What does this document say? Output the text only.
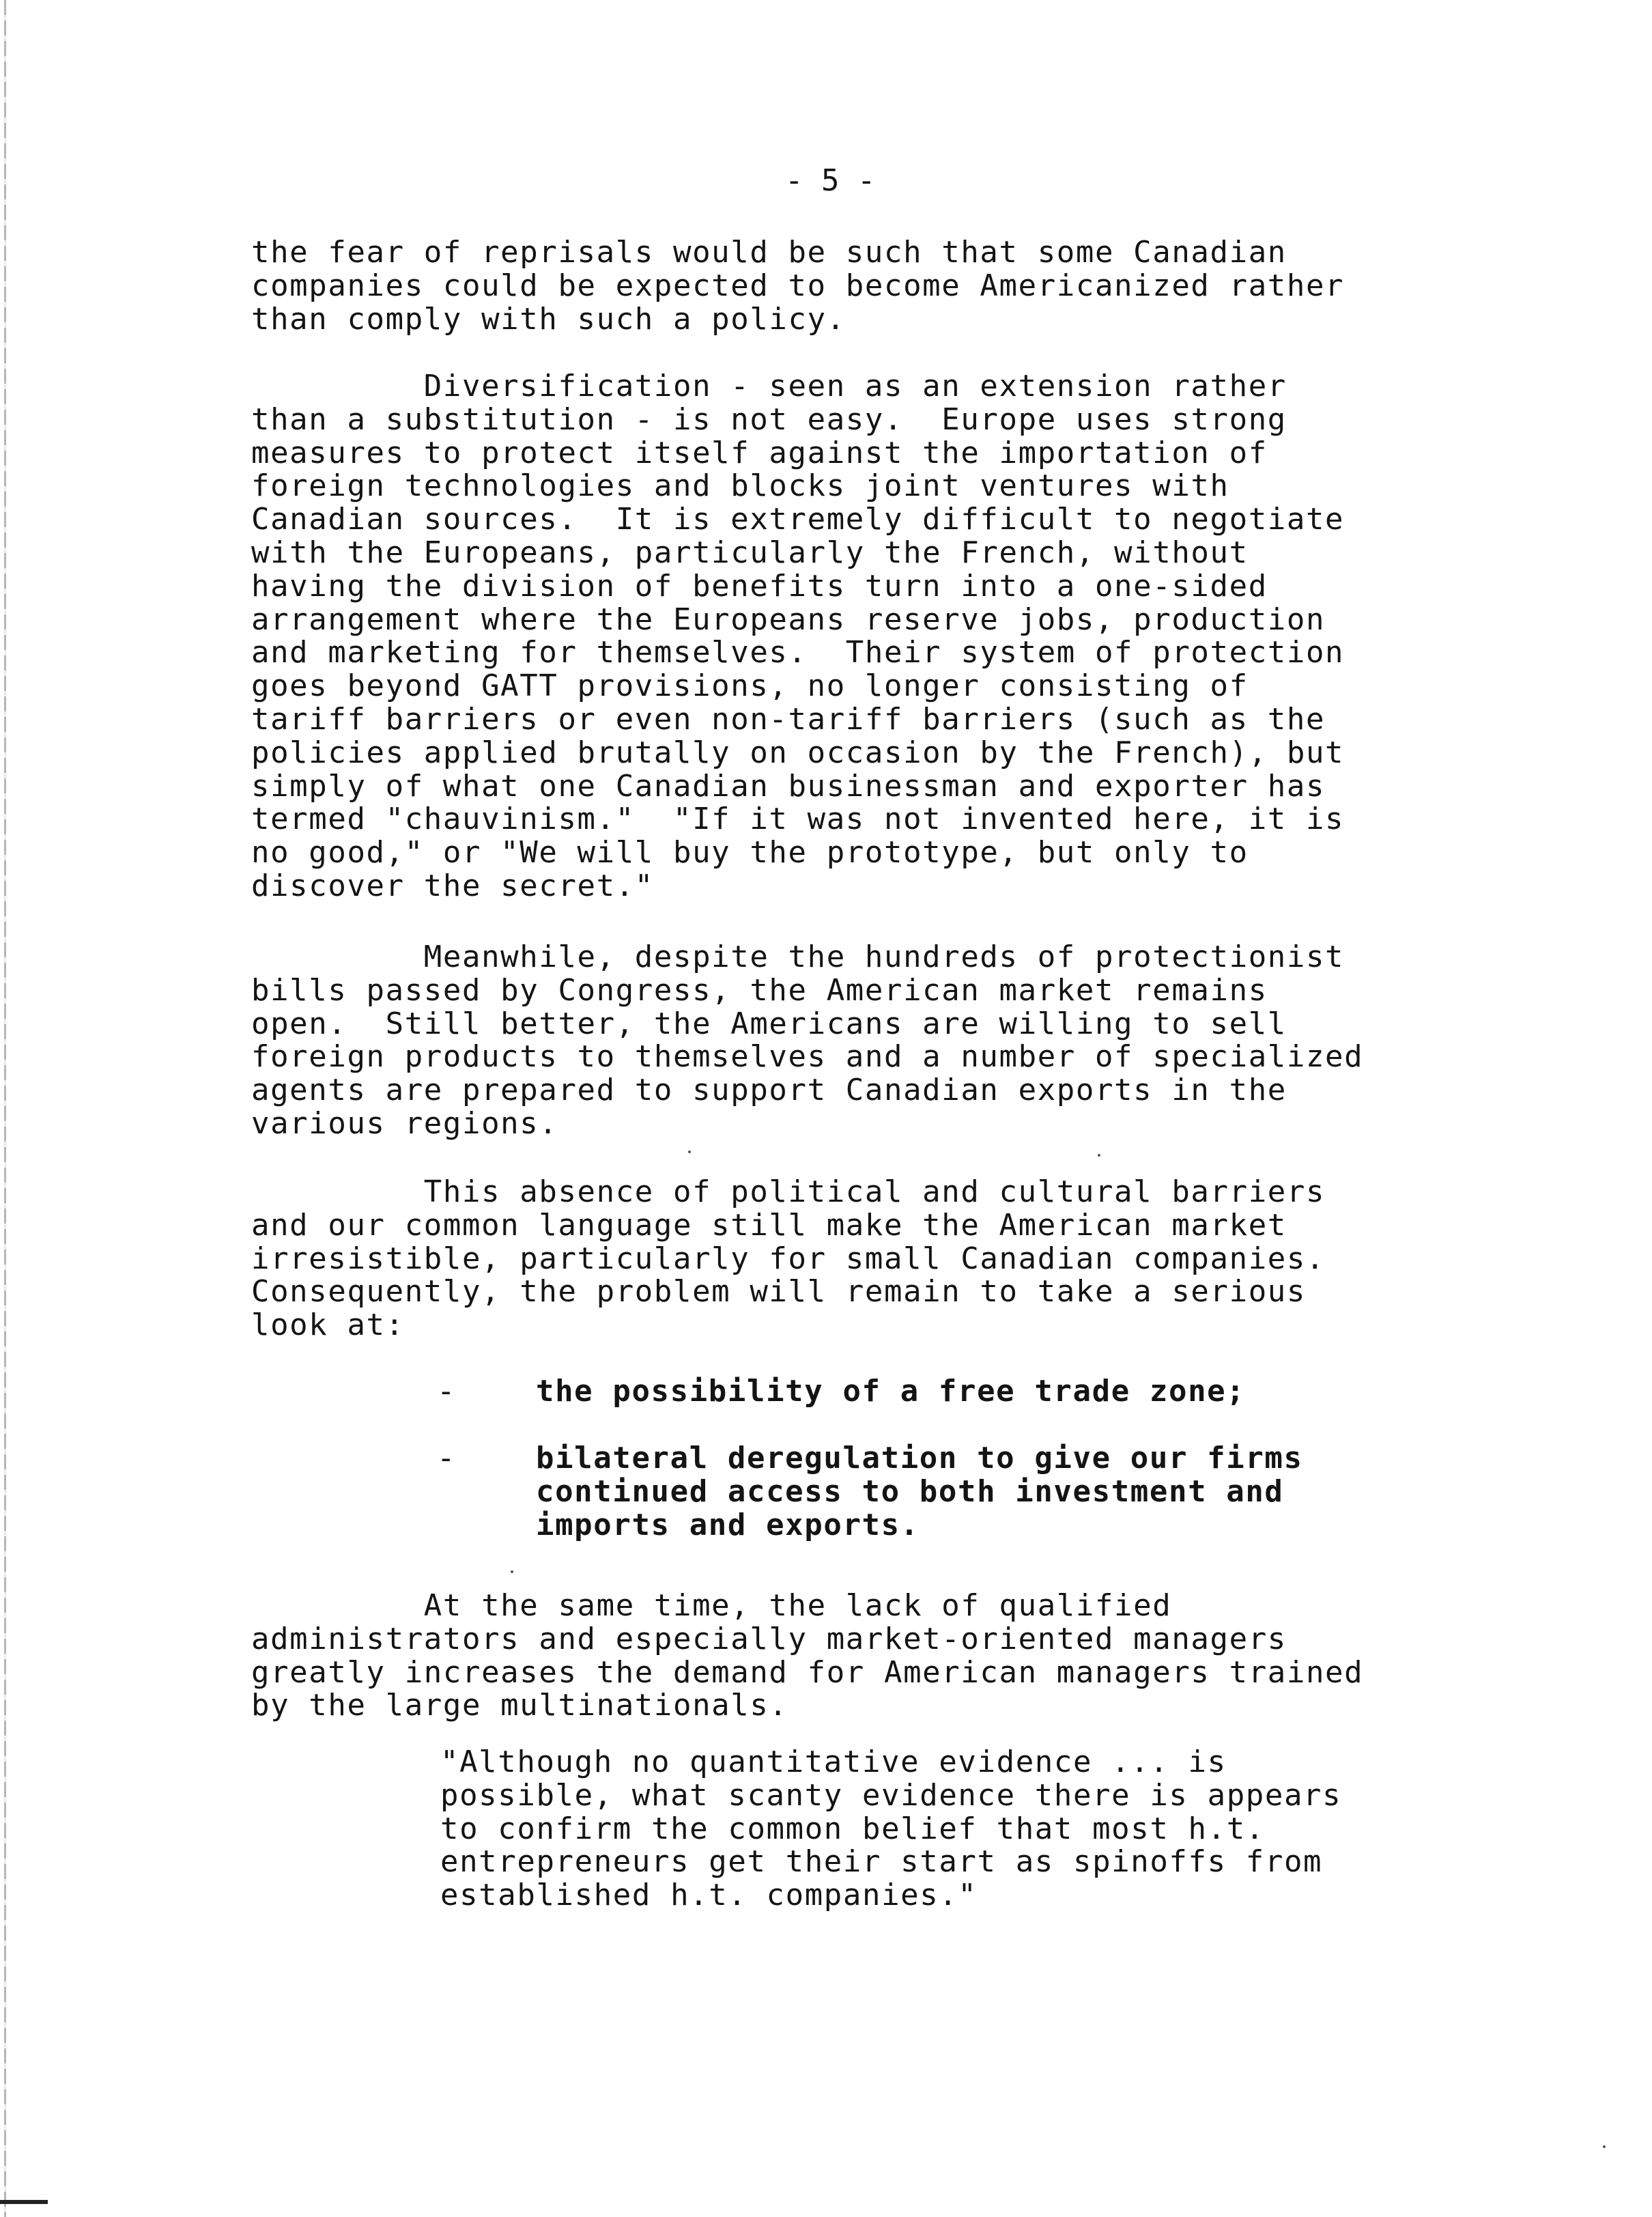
- 5 -
the fear of reprisals would be such that some Canadian
companies could be expected to become Americanized rather
than comply with such a policy.
Diversification - seen as an extension rather
than a substitution - is not easy.  Europe uses strong
measures to protect itself against the importation of
foreign technologies and blocks joint ventures with
Canadian sources.  It is extremely difficult to negotiate
with the Europeans, particularly the French, without
having the division of benefits turn into a one-sided
arrangement where the Europeans reserve jobs, production
and marketing for themselves.  Their system of protection
goes beyond GATT provisions, no longer consisting of
tariff barriers or even non-tariff barriers (such as the
policies applied brutally on occasion by the French), but
simply of what one Canadian businessman and exporter has
termed "chauvinism."  "If it was not invented here, it is
no good," or "We will buy the prototype, but only to
discover the secret."
Meanwhile, despite the hundreds of protectionist
bills passed by Congress, the American market remains
open.  Still better, the Americans are willing to sell
foreign products to themselves and a number of specialized
agents are prepared to support Canadian exports in the
various regions.
This absence of political and cultural barriers
and our common language still make the American market
irresistible, particularly for small Canadian companies.
Consequently, the problem will remain to take a serious
look at:
-	the possibility of a free trade zone;
-	bilateral deregulation to give our firms
continued access to both investment and
imports and exports.
At the same time, the lack of qualified
administrators and especially market-oriented managers
greatly increases the demand for American managers trained
by the large multinationals.
"Although no quantitative evidence ... is
possible, what scanty evidence there is appears
to confirm the common belief that most h.t.
entrepreneurs get their start as spinoffs from
established h.t. companies."
